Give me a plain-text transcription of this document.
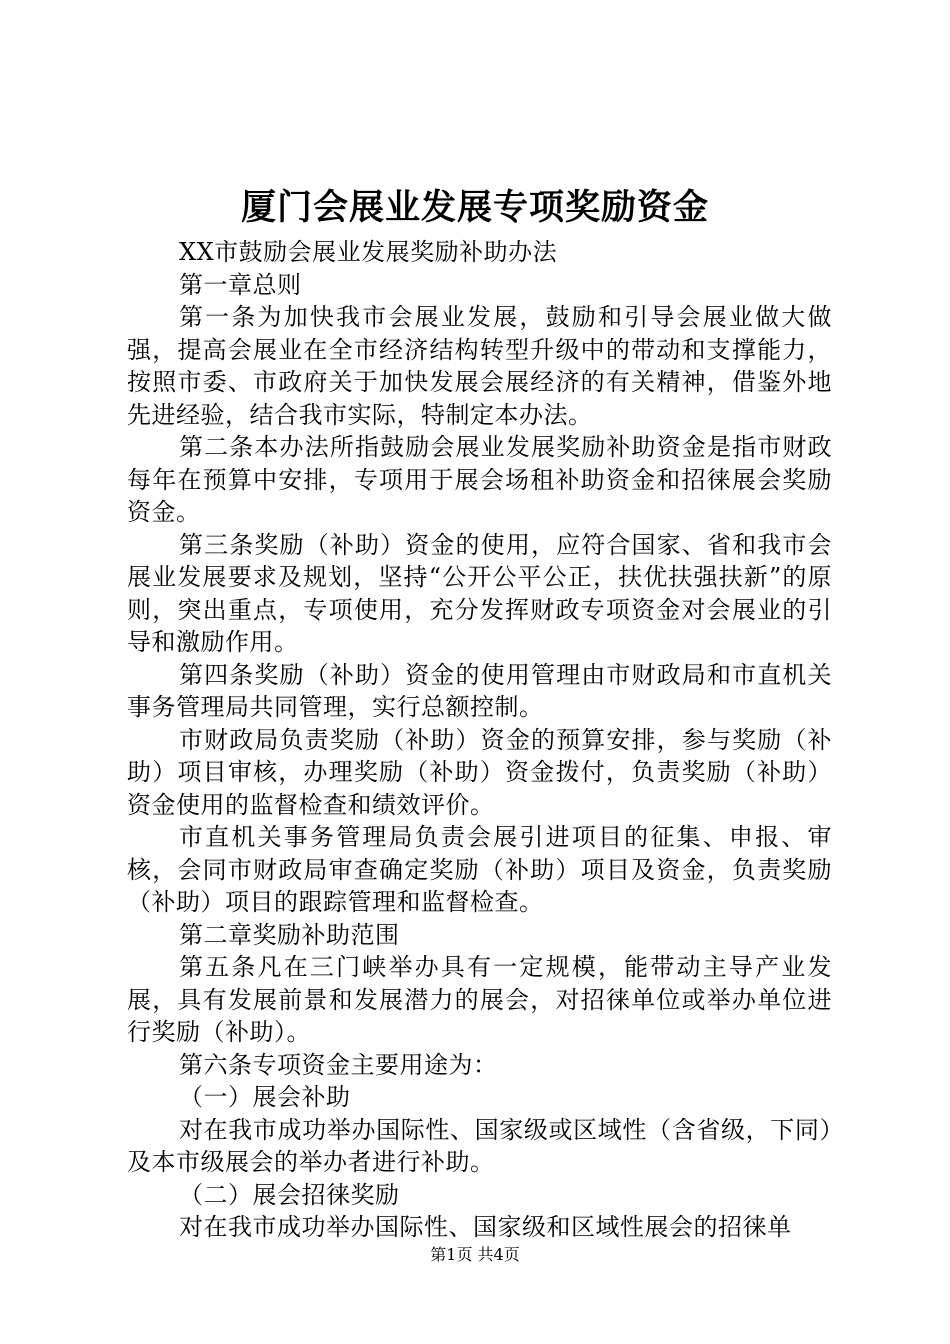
厦门会展业发展专项奖励资金

XX市鼓励会展业发展奖励补助办法

第一章总则

第一条为加快我市会展业发展，鼓励和引导会展业做大做强，提高会展业在全市经济结构转型升级中的带动和支撑能力，按照市委、市政府关于加快发展会展经济的有关精神，借鉴外地先进经验，结合我市实际，特制定本办法。

第二条本办法所指鼓励会展业发展奖励补助资金是指市财政每年在预算中安排，专项用于展会场租补助资金和招徕展会奖励资金。

第三条奖励（补助）资金的使用，应符合国家、省和我市会展业发展要求及规划，坚持“公开公平公正，扶优扶强扶新”的原则，突出重点，专项使用，充分发挥财政专项资金对会展业的引导和激励作用。

第四条奖励（补助）资金的使用管理由市财政局和市直机关事务管理局共同管理，实行总额控制。

市财政局负责奖励（补助）资金的预算安排，参与奖励（补助）项目审核，办理奖励（补助）资金拨付，负责奖励（补助）资金使用的监督检查和绩效评价。

市直机关事务管理局负责会展引进项目的征集、申报、审核，会同市财政局审查确定奖励（补助）项目及资金，负责奖励（补助）项目的跟踪管理和监督检查。

第二章奖励补助范围

第五条凡在三门峡举办具有一定规模，能带动主导产业发展，具有发展前景和发展潜力的展会，对招徕单位或举办单位进行奖励（补助）。

第六条专项资金主要用途为：

（一）展会补助

对在我市成功举办国际性、国家级或区域性（含省级，下同）及本市级展会的举办者进行补助。

（二）展会招徕奖励

对在我市成功举办国际性、国家级和区域性展会的招徕单

第1页 共4页
